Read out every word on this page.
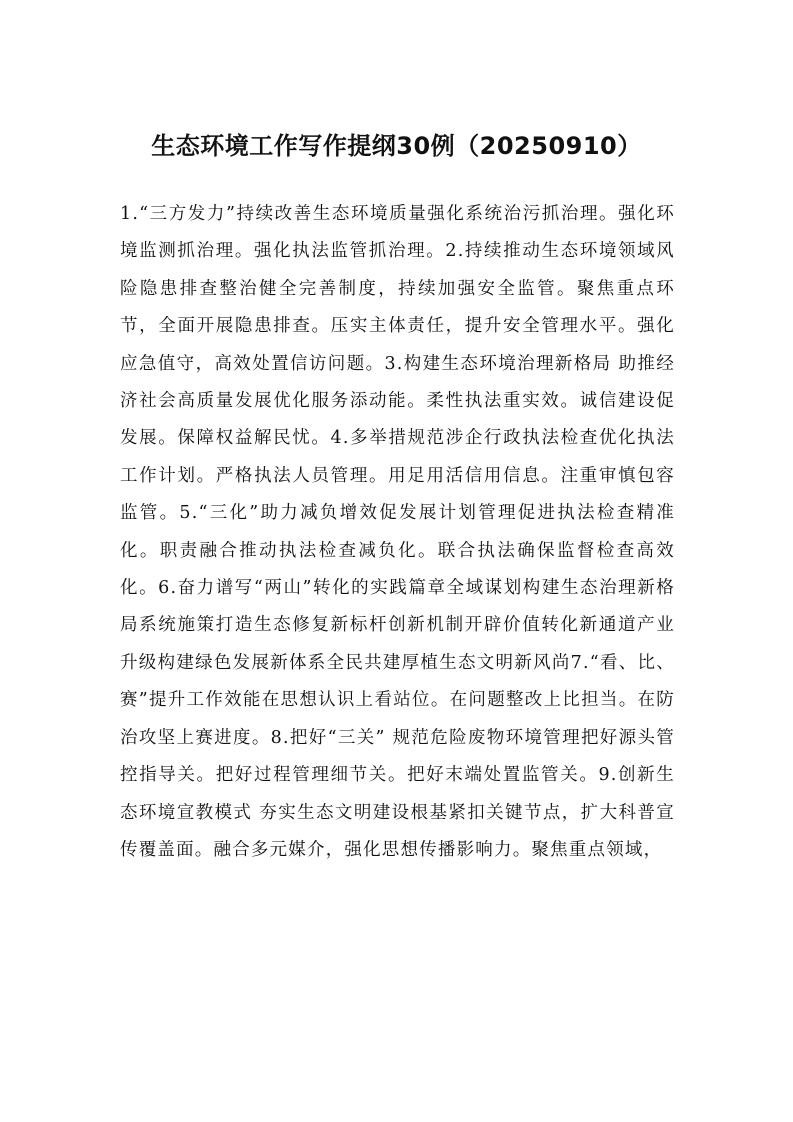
生态环境工作写作提纲30例（20250910）

1.“三方发力”持续改善生态环境质量强化系统治污抓治理。强化环境监测抓治理。强化执法监管抓治理。2.持续推动生态环境领域风险隐患排查整治健全完善制度，持续加强安全监管。聚焦重点环节，全面开展隐患排查。压实主体责任，提升安全管理水平。强化应急值守，高效处置信访问题。3.构建生态环境治理新格局 助推经济社会高质量发展优化服务添动能。柔性执法重实效。诚信建设促发展。保障权益解民忧。4.多举措规范涉企行政执法检查优化执法工作计划。严格执法人员管理。用足用活信用信息。注重审慎包容监管。5.“三化”助力减负增效促发展计划管理促进执法检查精准化。职责融合推动执法检查减负化。联合执法确保监督检查高效化。6.奋力谱写“两山”转化的实践篇章全域谋划构建生态治理新格局系统施策打造生态修复新标杆创新机制开辟价值转化新通道产业升级构建绿色发展新体系全民共建厚植生态文明新风尚7.“看、比、赛”提升工作效能在思想认识上看站位。在问题整改上比担当。在防治攻坚上赛进度。8.把好“三关” 规范危险废物环境管理把好源头管控指导关。把好过程管理细节关。把好末端处置监管关。9.创新生态环境宣教模式 夯实生态文明建设根基紧扣关键节点，扩大科普宣传覆盖面。融合多元媒介，强化思想传播影响力。聚焦重点领域，
